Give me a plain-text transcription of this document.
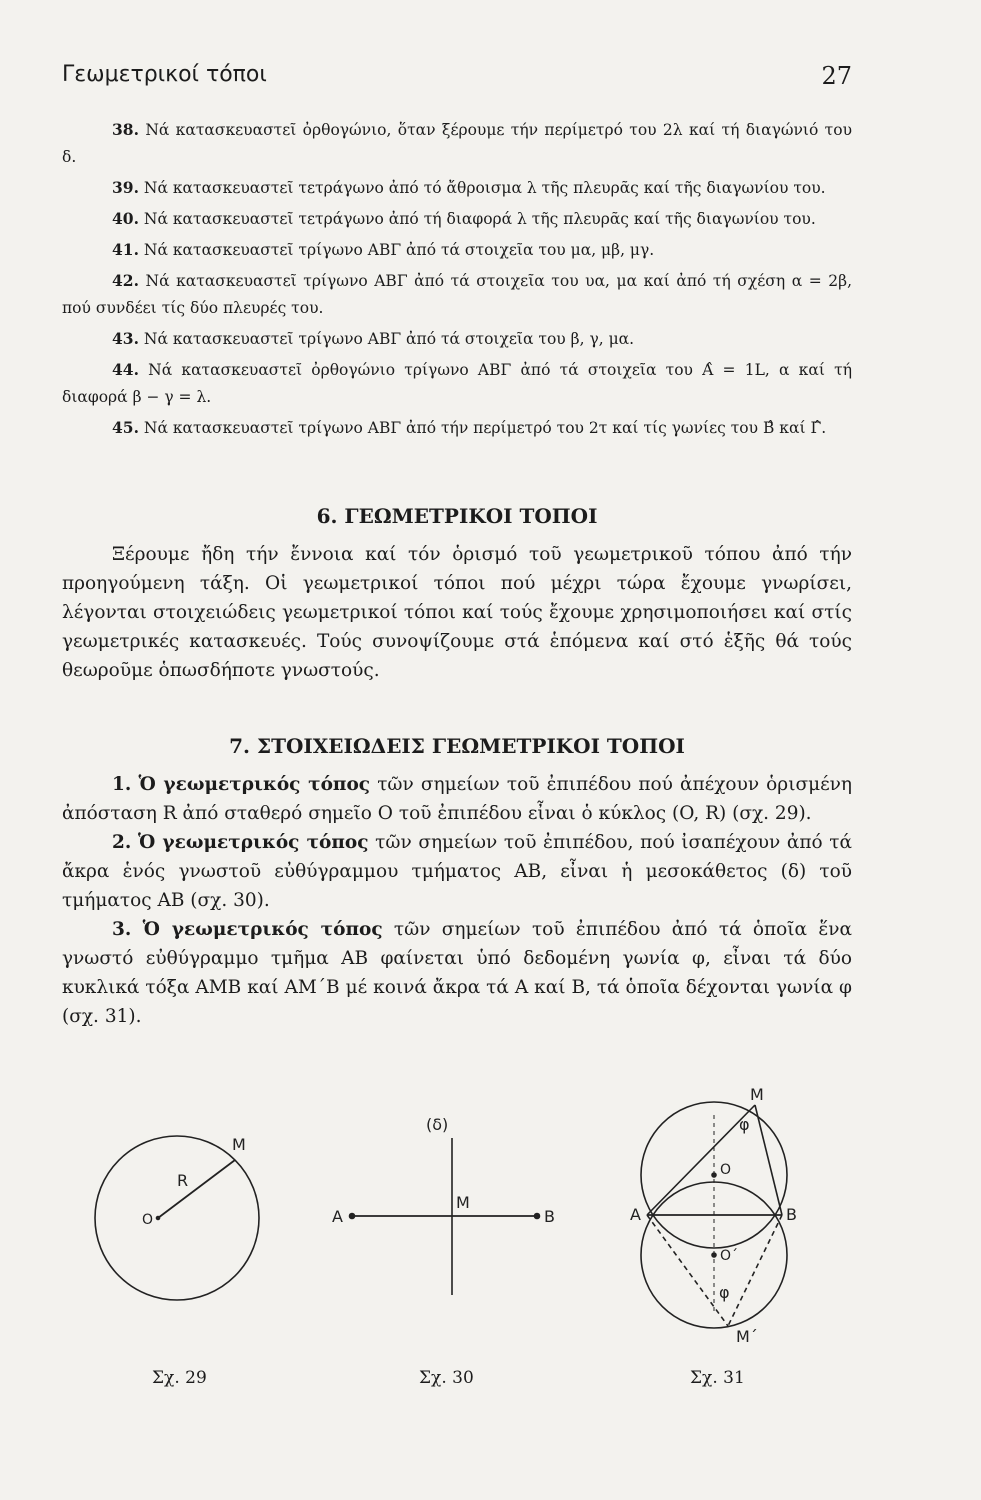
Γεωμετρικοί τόποι	27

38. Νά κατασκευαστεῖ ὀρθογώνιο, ὅταν ξέρουμε τήν περίμετρό του 2λ καί τή διαγώνιό του δ.

39. Νά κατασκευαστεῖ τετράγωνο ἀπό τό ἄθροισμα λ τῆς πλευρᾶς καί τῆς διαγωνίου του.

40. Νά κατασκευαστεῖ τετράγωνο ἀπό τή διαφορά λ τῆς πλευρᾶς καί τῆς διαγωνίου του.

41. Νά κατασκευαστεῖ τρίγωνο ΑΒΓ ἀπό τά στοιχεῖα του μα, μβ, μγ.

42. Νά κατασκευαστεῖ τρίγωνο ΑΒΓ ἀπό τά στοιχεῖα του υα, μα καί ἀπό τή σχέση α = 2β, πού συνδέει τίς δύο πλευρές του.

43. Νά κατασκευαστεῖ τρίγωνο ΑΒΓ ἀπό τά στοιχεῖα του β, γ, μα.

44. Νά κατασκευαστεῖ ὀρθογώνιο τρίγωνο ΑΒΓ ἀπό τά στοιχεῖα του Α̂ = 1L, α καί τή διαφορά β − γ = λ.

45. Νά κατασκευαστεῖ τρίγωνο ΑΒΓ ἀπό τήν περίμετρό του 2τ καί τίς γωνίες του Β̂ καί Γ̂.

6. ΓΕΩΜΕΤΡΙΚΟΙ ΤΟΠΟΙ

Ξέρουμε ἤδη τήν ἔννοια καί τόν ὁρισμό τοῦ γεωμετρικοῦ τόπου ἀπό τήν προηγούμενη τάξη. Οἱ γεωμετρικοί τόποι πού μέχρι τώρα ἔχουμε γνωρίσει, λέγονται στοιχειώδεις γεωμετρικοί τόποι καί τούς ἔχουμε χρησιμοποιήσει καί στίς γεωμετρικές κατασκευές. Τούς συνοψίζουμε στά ἑπόμενα καί στό ἑξῆς θά τούς θεωροῦμε ὁπωσδήποτε γνωστούς.

7. ΣΤΟΙΧΕΙΩΔΕΙΣ ΓΕΩΜΕΤΡΙΚΟΙ ΤΟΠΟΙ

1. Ὁ γεωμετρικός τόπος τῶν σημείων τοῦ ἐπιπέδου πού ἀπέχουν ὁρισμένη ἀπόσταση R ἀπό σταθερό σημεῖο Ο τοῦ ἐπιπέδου εἶναι ὁ κύκλος (O, R) (σχ. 29).

2. Ὁ γεωμετρικός τόπος τῶν σημείων τοῦ ἐπιπέδου, πού ἰσαπέχουν ἀπό τά ἄκρα ἑνός γνωστοῦ εὐθύγραμμου τμήματος ΑΒ, εἶναι ἡ μεσοκάθετος (δ) τοῦ τμήματος ΑΒ (σχ. 30).

3. Ὁ γεωμετρικός τόπος τῶν σημείων τοῦ ἐπιπέδου ἀπό τά ὁποῖα ἕνα γνωστό εὐθύγραμμο τμῆμα ΑΒ φαίνεται ὑπό δεδομένη γωνία φ, εἶναι τά δύο κυκλικά τόξα ΑΜΒ καί ΑΜ΄Β μέ κοινά ἄκρα τά Α καί Β, τά ὁποῖα δέχονται γωνία φ (σχ. 31).

R
M
O
(δ)
A	B
M
M
O
O΄
A	B
φ
φ
M΄
Σχ. 29	Σχ. 30	Σχ. 31
